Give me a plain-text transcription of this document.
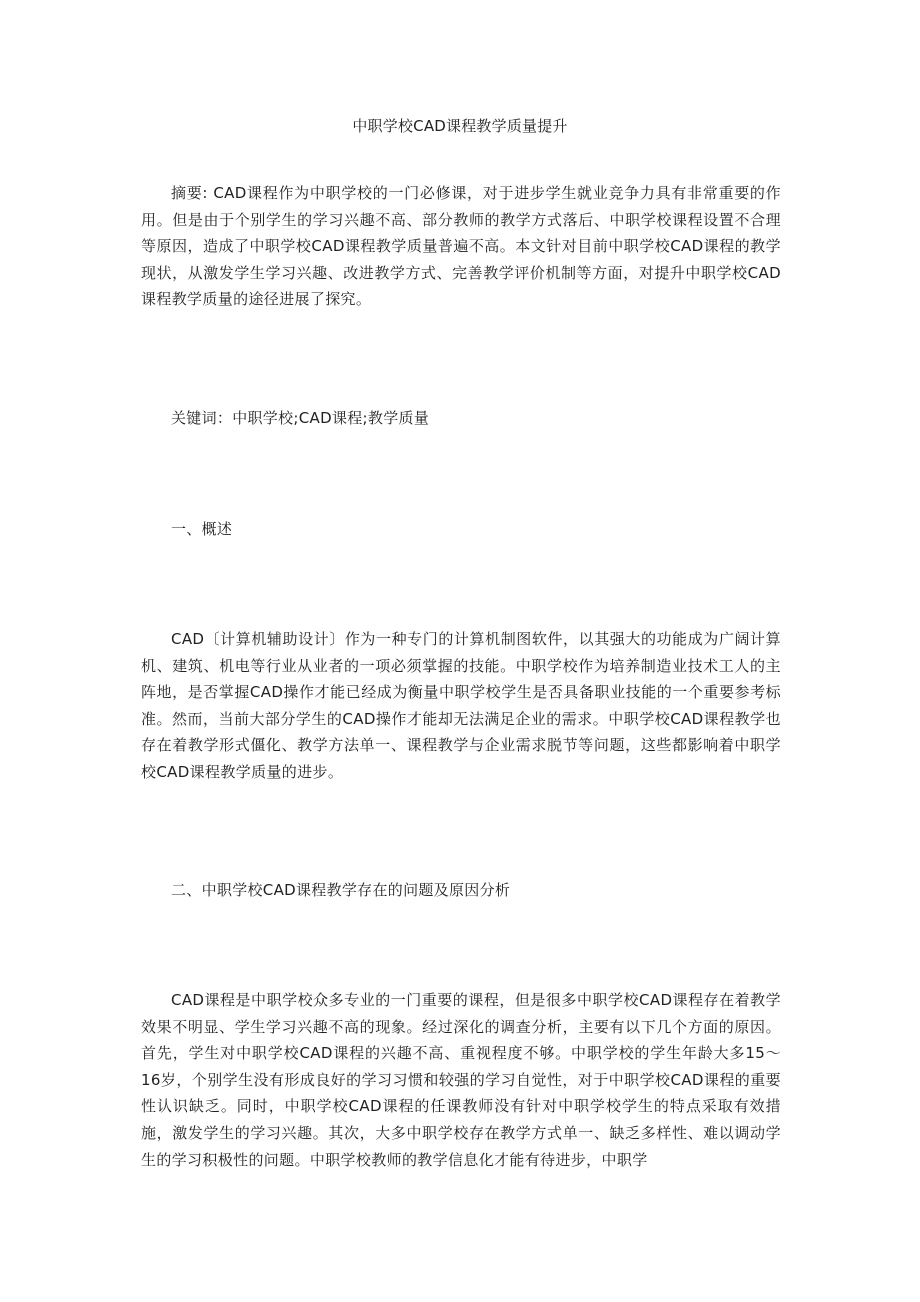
中职学校CAD课程教学质量提升

摘要: CAD课程作为中职学校的一门必修课，对于进步学生就业竞争力具有非常重要的作用。但是由于个别学生的学习兴趣不高、部分教师的教学方式落后、中职学校课程设置不合理等原因，造成了中职学校CAD课程教学质量普遍不高。本文针对目前中职学校CAD课程的教学现状，从激发学生学习兴趣、改进教学方式、完善教学评价机制等方面，对提升中职学校CAD课程教学质量的途径进展了探究。

关键词：中职学校;CAD课程;教学质量

一、概述

CAD〔计算机辅助设计〕作为一种专门的计算机制图软件，以其强大的功能成为广阔计算机、建筑、机电等行业从业者的一项必须掌握的技能。中职学校作为培养制造业技术工人的主阵地，是否掌握CAD操作才能已经成为衡量中职学校学生是否具备职业技能的一个重要参考标准。然而，当前大部分学生的CAD操作才能却无法满足企业的需求。中职学校CAD课程教学也存在着教学形式僵化、教学方法单一、课程教学与企业需求脱节等问题，这些都影响着中职学校CAD课程教学质量的进步。

二、中职学校CAD课程教学存在的问题及原因分析

CAD课程是中职学校众多专业的一门重要的课程，但是很多中职学校CAD课程存在着教学效果不明显、学生学习兴趣不高的现象。经过深化的调查分析，主要有以下几个方面的原因。首先，学生对中职学校CAD课程的兴趣不高、重视程度不够。中职学校的学生年龄大多15～16岁，个别学生没有形成良好的学习习惯和较强的学习自觉性，对于中职学校CAD课程的重要性认识缺乏。同时，中职学校CAD课程的任课教师没有针对中职学校学生的特点采取有效措施，激发学生的学习兴趣。其次，大多中职学校存在教学方式单一、缺乏多样性、难以调动学生的学习积极性的问题。中职学校教师的教学信息化才能有待进步，中职学
